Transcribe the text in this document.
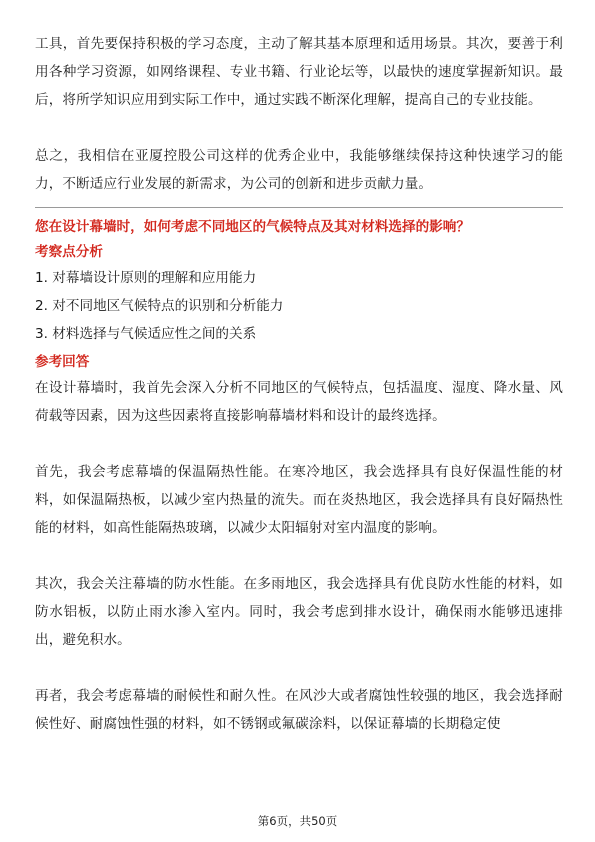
工具，首先要保持积极的学习态度，主动了解其基本原理和适用场景。其次，要善于利用各种学习资源，如网络课程、专业书籍、行业论坛等，以最快的速度掌握新知识。最后，将所学知识应用到实际工作中，通过实践不断深化理解，提高自己的专业技能。

总之，我相信在亚厦控股公司这样的优秀企业中，我能够继续保持这种快速学习的能力，不断适应行业发展的新需求，为公司的创新和进步贡献力量。

您在设计幕墙时，如何考虑不同地区的气候特点及其对材料选择的影响？

考察点分析

1. 对幕墙设计原则的理解和应用能力

2. 对不同地区气候特点的识别和分析能力

3. 材料选择与气候适应性之间的关系

参考回答

在设计幕墙时，我首先会深入分析不同地区的气候特点，包括温度、湿度、降水量、风荷载等因素，因为这些因素将直接影响幕墙材料和设计的最终选择。

首先，我会考虑幕墙的保温隔热性能。在寒冷地区，我会选择具有良好保温性能的材料，如保温隔热板，以减少室内热量的流失。而在炎热地区，我会选择具有良好隔热性能的材料，如高性能隔热玻璃，以减少太阳辐射对室内温度的影响。

其次，我会关注幕墙的防水性能。在多雨地区，我会选择具有优良防水性能的材料，如防水铝板，以防止雨水渗入室内。同时，我会考虑到排水设计，确保雨水能够迅速排出，避免积水。

再者，我会考虑幕墙的耐候性和耐久性。在风沙大或者腐蚀性较强的地区，我会选择耐候性好、耐腐蚀性强的材料，如不锈钢或氟碳涂料，以保证幕墙的长期稳定使

第6页，共50页
